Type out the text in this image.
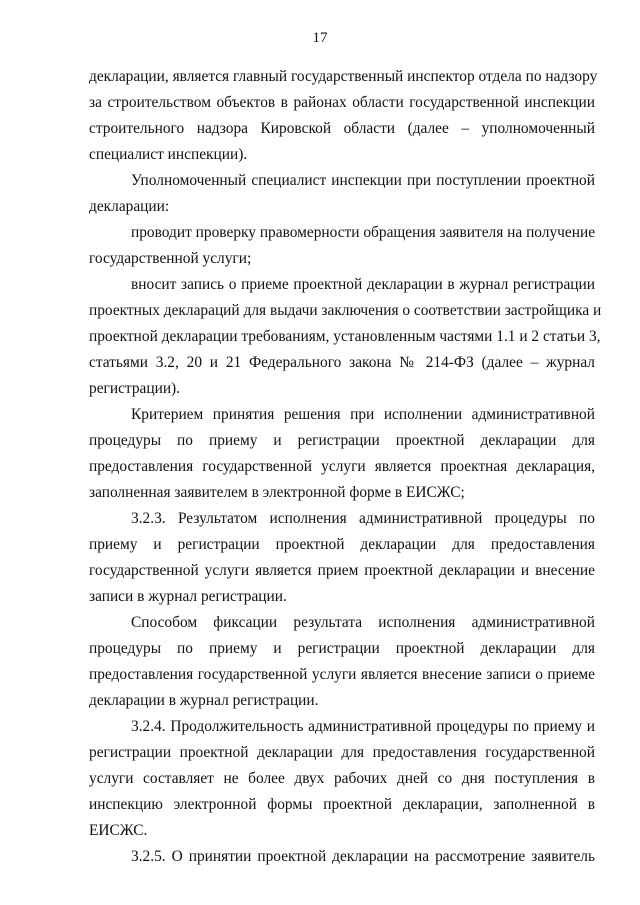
17
декларации, является главный государственный инспектор отдела по надзору
за строительством объектов в районах области государственной инспекции
строительного надзора Кировской области (далее – уполномоченный
специалист инспекции).
Уполномоченный специалист инспекции при поступлении проектной
декларации:
проводит проверку правомерности обращения заявителя на получение
государственной услуги;
вносит запись о приеме проектной декларации в журнал регистрации
проектных деклараций для выдачи заключения о соответствии застройщика и
проектной декларации требованиям, установленным частями 1.1 и 2 статьи 3,
статьями 3.2, 20 и 21 Федерального закона № 214-ФЗ (далее – журнал
регистрации).
Критерием принятия решения при исполнении административной
процедуры по приему и регистрации проектной декларации для
предоставления государственной услуги является проектная декларация,
заполненная заявителем в электронной форме в ЕИСЖС;
3.2.3. Результатом исполнения административной процедуры по
приему и регистрации проектной декларации для предоставления
государственной услуги является прием проектной декларации и внесение
записи в журнал регистрации.
Способом фиксации результата исполнения административной
процедуры по приему и регистрации проектной декларации для
предоставления государственной услуги является внесение записи о приеме
декларации в журнал регистрации.
3.2.4. Продолжительность административной процедуры по приему и
регистрации проектной декларации для предоставления государственной
услуги составляет не более двух рабочих дней со дня поступления в
инспекцию электронной формы проектной декларации, заполненной в
ЕИСЖС.
3.2.5. О принятии проектной декларации на рассмотрение заявитель
